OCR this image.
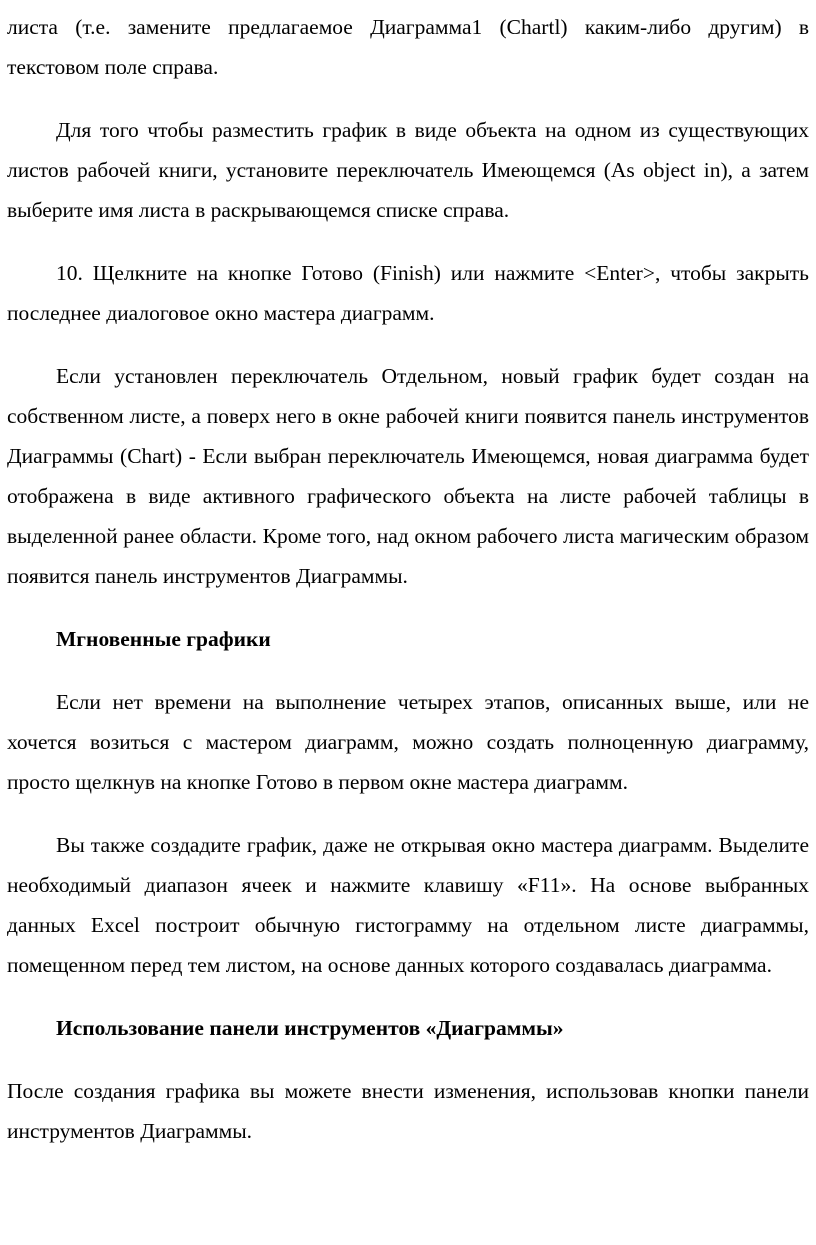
листа (т.е. замените предлагаемое Диаграмма1 (Chartl) каким-либо другим) в текстовом поле справа.

Для того чтобы разместить график в виде объекта на одном из существующих листов рабочей книги, установите переключатель Имеющемся (As object in), а затем выберите имя листа в раскрывающемся списке справа.

10. Щелкните на кнопке Готово (Finish) или нажмите <Enter>, чтобы закрыть последнее диалоговое окно мастера диаграмм.

Если установлен переключатель Отдельном, новый график будет создан на собственном листе, а поверх него в окне рабочей книги появится панель инструментов Диаграммы (Chart) - Если выбран переключатель Имеющемся, новая диаграмма будет отображена в виде активного графического объекта на листе рабочей таблицы в выделенной ранее области. Кроме того, над окном рабочего листа магическим образом появится панель инструментов Диаграммы.

Мгновенные графики

Если нет времени на выполнение четырех этапов, описанных выше, или не хочется возиться с мастером диаграмм, можно создать полноценную диаграмму, просто щелкнув на кнопке Готово в первом окне мастера диаграмм.

Вы также создадите график, даже не открывая окно мастера диаграмм. Выделите необходимый диапазон ячеек и нажмите клавишу «F11». На основе выбранных данных Excel построит обычную гистограмму на отдельном листе диаграммы, помещенном перед тем листом, на основе данных которого создавалась диаграмма.

Использование панели инструментов «Диаграммы»

После создания графика вы можете внести изменения, использовав кнопки панели инструментов Диаграммы.
